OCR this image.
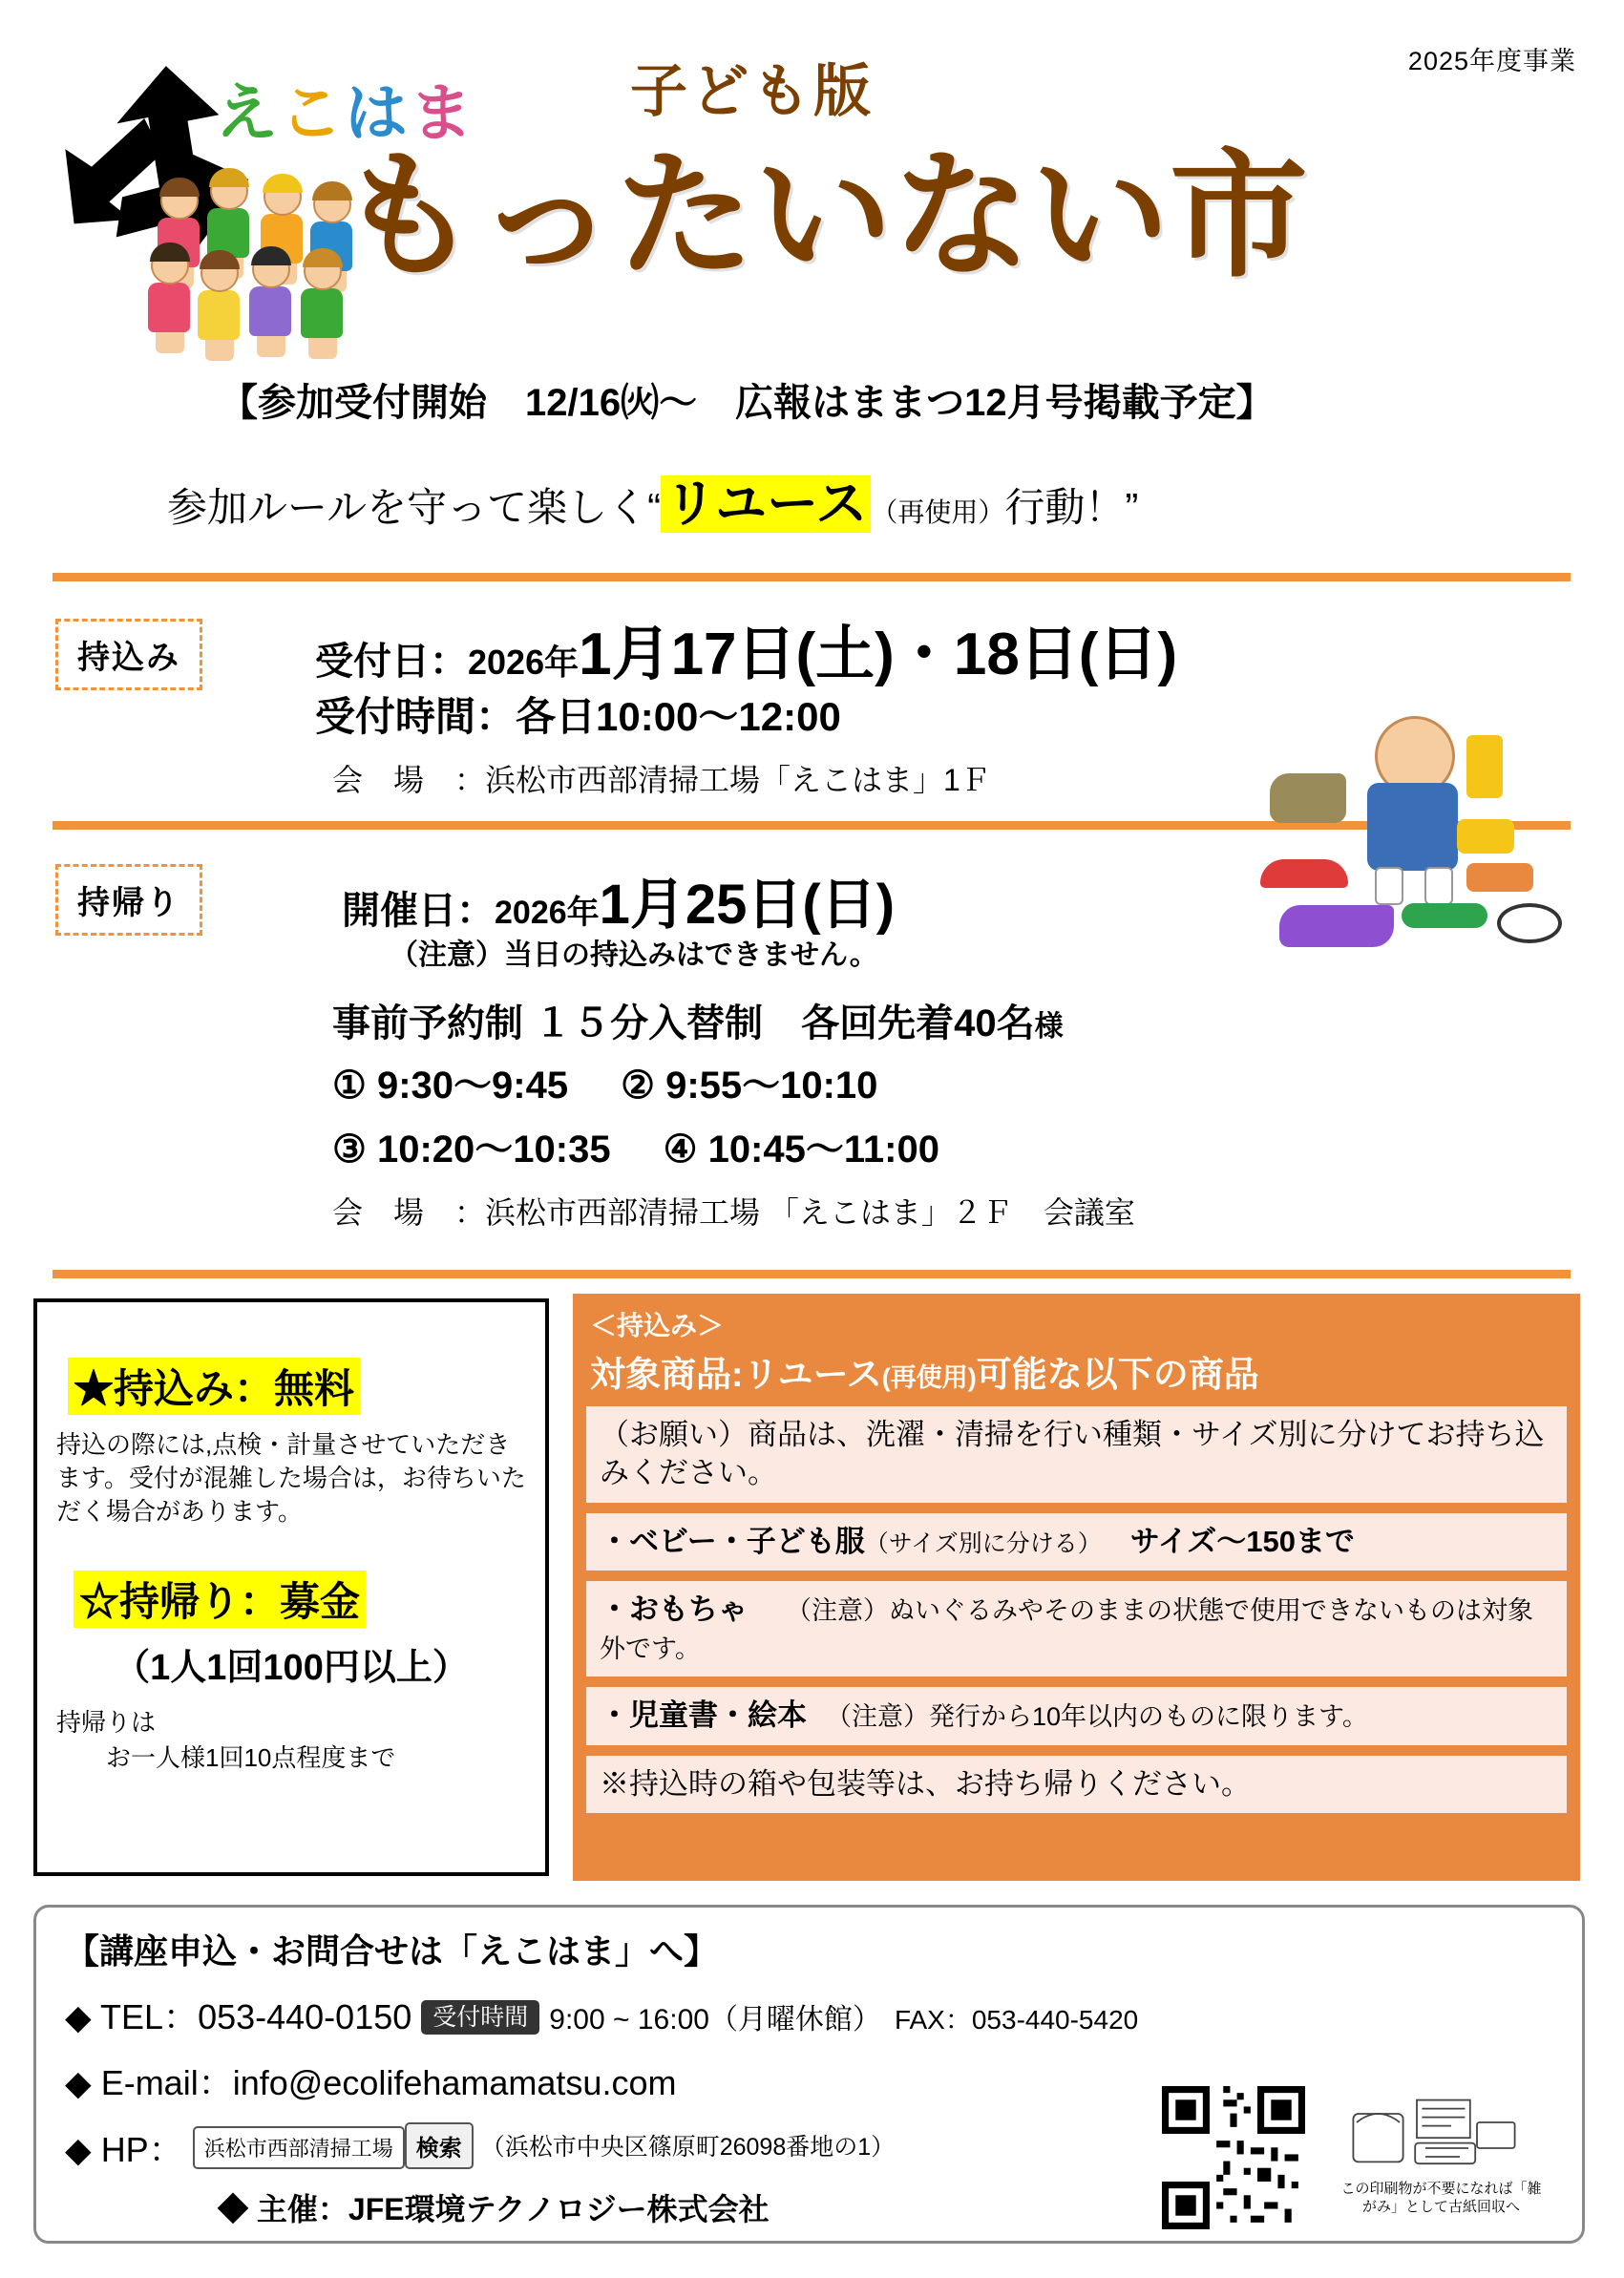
2025年度事業
えこはま	子ども版
もったいない市
【参加受付開始　12/16㈫～　広報はままつ12月号掲載予定】
参加ルールを守って楽しく“リユース （再使用）行動！”
持込み	受付日：2026年1月17日(土)・18日(日)
受付時間：各日10:00～12:00
会　場　：浜松市西部清掃工場「えこはま」1Ｆ
持帰り	開催日：2026年1月25日(日)
（注意）当日の持込みはできません。
事前予約制 １５分入替制 各回先着40名様
① 9:30～9:45 ② 9:55～10:10
③ 10:20～10:35 ④ 10:45～11:00
会　場　：浜松市西部清掃工場 「えこはま」２Ｆ　会議室
★持込み：無料
持込の際には,点検・計量させていただきます。受付が混雑した場合は，お待ちいただく場合があります。
☆持帰り：募金
（1人1回100円以上）
持帰りは
お一人様1回10点程度まで
＜持込み＞
対象商品:リユース(再使用)可能な以下の商品
（お願い）商品は、洗濯・清掃を行い種類・サイズ別に分けてお持ち込みください。
・ベビー・子ども服（サイズ別に分ける） サイズ～150まで
・おもちゃ （注意）ぬいぐるみやそのままの状態で使用できないものは対象外です。
・児童書・絵本 （注意）発行から10年以内のものに限ります。
※持込時の箱や包装等は、お持ち帰りください。
【講座申込・お問合せは「えこはま」へ】
◆ TEL：053-440-0150 受付時間 9:00 ~ 16:00（月曜休館） FAX：053-440-5420
◆ E-mail：info@ecolifehamamatsu.com
◆ HP： 浜松市西部清掃工場 検索 （浜松市中央区篠原町26098番地の1）
◆ 主催：JFE環境テクノロジー株式会社
この印刷物が不要になれば「雑がみ」として古紙回収へ
